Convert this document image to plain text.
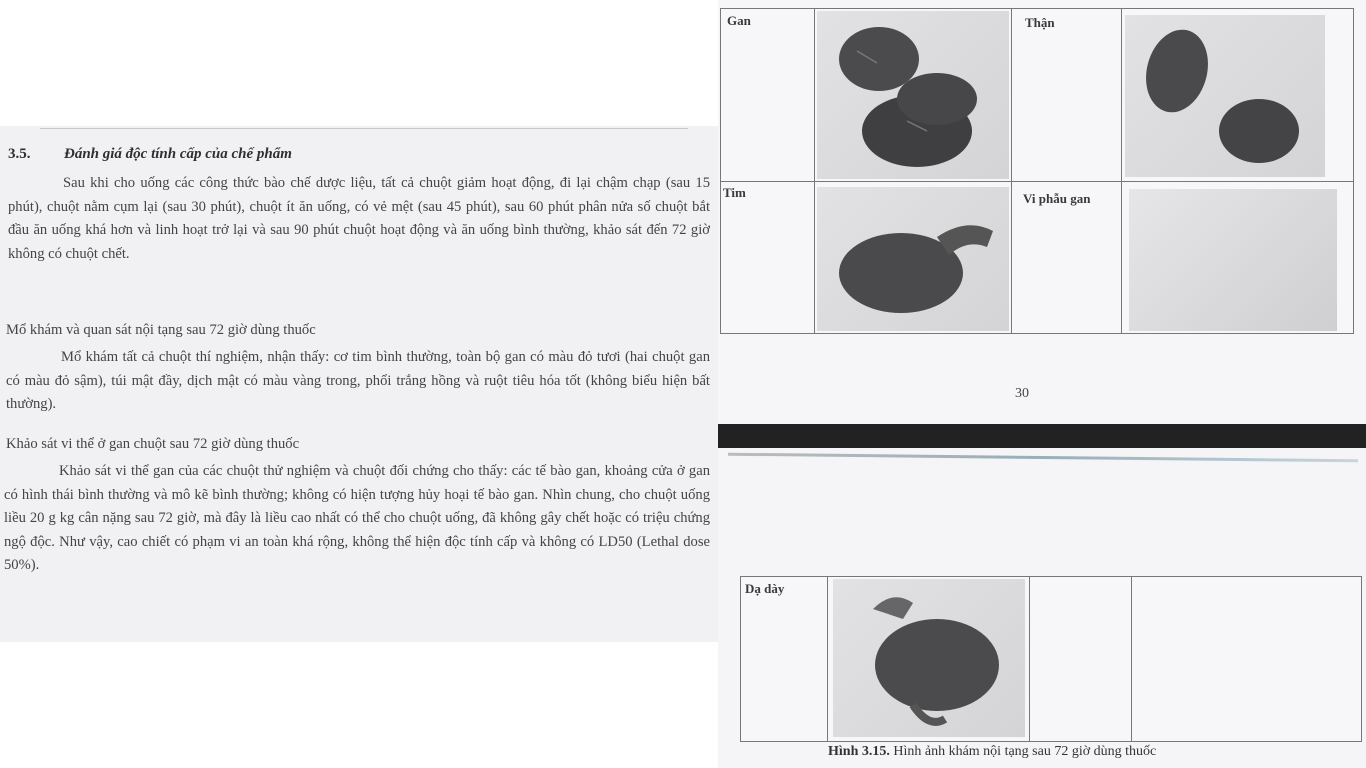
3.5. Đánh giá độc tính cấp của chế phẩm
Sau khi cho uống các công thức bào chế dược liệu, tất cả chuột giảm hoạt động, đi lại chậm chạp (sau 15 phút), chuột nằm cụm lại (sau 30 phút), chuột ít ăn uống, có vẻ mệt (sau 45 phút), sau 60 phút phân nửa số chuột bắt đầu ăn uống khá hơn và linh hoạt trở lại và sau 90 phút chuột hoạt động và ăn uống bình thường, khảo sát đến 72 giờ không có chuột chết.
Mổ khám và quan sát nội tạng sau 72 giờ dùng thuốc
Mổ khám tất cả chuột thí nghiệm, nhận thấy: cơ tim bình thường, toàn bộ gan có màu đỏ tươi (hai chuột gan có màu đỏ sậm), túi mật đầy, dịch mật có màu vàng trong, phổi trắng hồng và ruột tiêu hóa tốt (không biểu hiện bất thường).
Khảo sát vi thể ở gan chuột sau 72 giờ dùng thuốc
Khảo sát vi thể gan của các chuột thử nghiệm và chuột đối chứng cho thấy: các tế bào gan, khoảng cửa ở gan có hình thái bình thường và mô kẽ bình thường; không có hiện tượng hủy hoại tế bào gan. Nhìn chung, cho chuột uống liều 20 g kg cân nặng sau 72 giờ, mà đây là liều cao nhất có thể cho chuột uống, đã không gây chết hoặc có triệu chứng ngộ độc. Như vậy, cao chiết có phạm vi an toàn khá rộng, không thể hiện độc tính cấp và không có LD50 (Lethal dose 50%).
Gan	Thận
Tim	Vi phẫu gan
30
Dạ dày
Hình 3.15. Hình ảnh khám nội tạng sau 72 giờ dùng thuốc
